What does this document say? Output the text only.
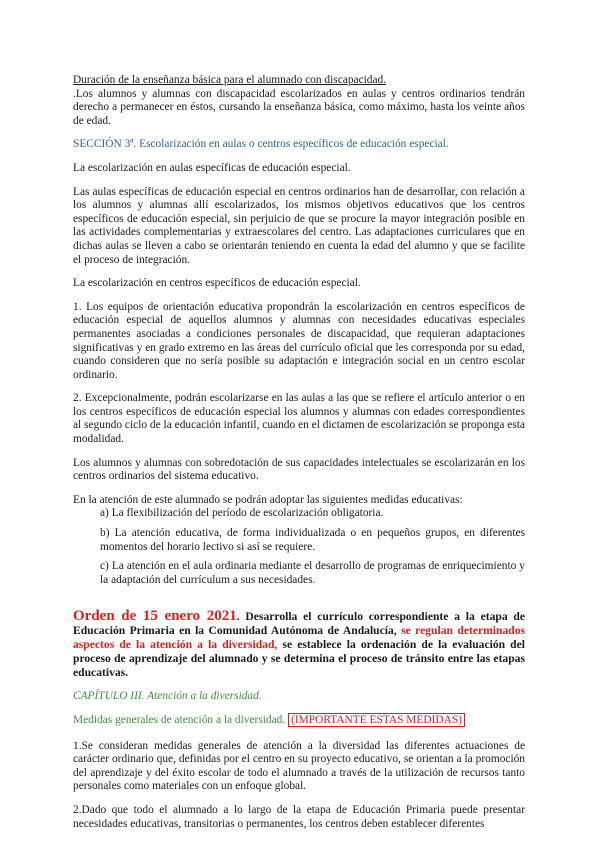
Duración de la enseñanza básica para el alumnado con discapacidad.

.Los alumnos y alumnas con discapacidad escolarizados en aulas y centros ordinarios tendrán derecho a permanecer en éstos, cursando la enseñanza básica, como máximo, hasta los veinte años de edad.

SECCIÓN 3ª. Escolarización en aulas o centros específicos de educación especial.

La escolarización en aulas específicas de educación especial.

Las aulas específicas de educación especial en centros ordinarios han de desarrollar, con relación a los alumnos y alumnas allí escolarizados, los mismos objetivos educativos que los centros específicos de educación especial, sin perjuicio de que se procure la mayor integración posible en las actividades complementarias y extraescolares del centro. Las adaptaciones curriculares que en dichas aulas se lleven a cabo se orientarán teniendo en cuenta la edad del alumno y que se facilite el proceso de integración.

La escolarización en centros específicos de educación especial.

1. Los equipos de orientación educativa propondrán la escolarización en centros específicos de educación especial de aquellos alumnos y alumnas con necesidades educativas especiales permanentes asociadas a condiciones personales de discapacidad, que requieran adaptaciones significativas y en grado extremo en las áreas del currículo oficial que les corresponda por su edad, cuando consideren que no sería posible su adaptación e integración social en un centro escolar ordinario.

2. Excepcionalmente, podrán escolarizarse en las aulas a las que se refiere el artículo anterior o en los centros específicos de educación especial los alumnos y alumnas con edades correspondientes al segundo ciclo de la educación infantil, cuando en el dictamen de escolarización se proponga esta modalidad.

Los alumnos y alumnas con sobredotación de sus capacidades intelectuales se escolarizarán en los centros ordinarios del sistema educativo.

En la atención de este alumnado se podrán adoptar las siguientes medidas educativas:

a) La flexibilización del período de escolarización obligatoria.

b) La atención educativa, de forma individualizada o en pequeños grupos, en diferentes momentos del horario lectivo si así se requiere.

c) La atención en el aula ordinaria mediante el desarrollo de programas de enriquecimiento y la adaptación del currículum a sus necesidades.

Orden de 15 enero 2021. Desarrolla el currículo correspondiente a la etapa de Educación Primaria en la Comunidad Autónoma de Andalucía, se regulan determinados aspectos de la atención a la diversidad, se establece la ordenación de la evaluación del proceso de aprendizaje del alumnado y se determina el proceso de tránsito entre las etapas educativas.

CAPÍTULO III. Atención a la diversidad.

Medidas generales de atención a la diversidad. (IMPORTANTE ESTAS MEDIDAS)

1.Se consideran medidas generales de atención a la diversidad las diferentes actuaciones de carácter ordinario que, definidas por el centro en su proyecto educativo, se orientan a la promoción del aprendizaje y del éxito escolar de todo el alumnado a través de la utilización de recursos tanto personales como materiales con un enfoque global.

2.Dado que todo el alumnado a lo largo de la etapa de Educación Primaria puede presentar necesidades educativas, transitorias o permanentes, los centros deben establecer diferentes
